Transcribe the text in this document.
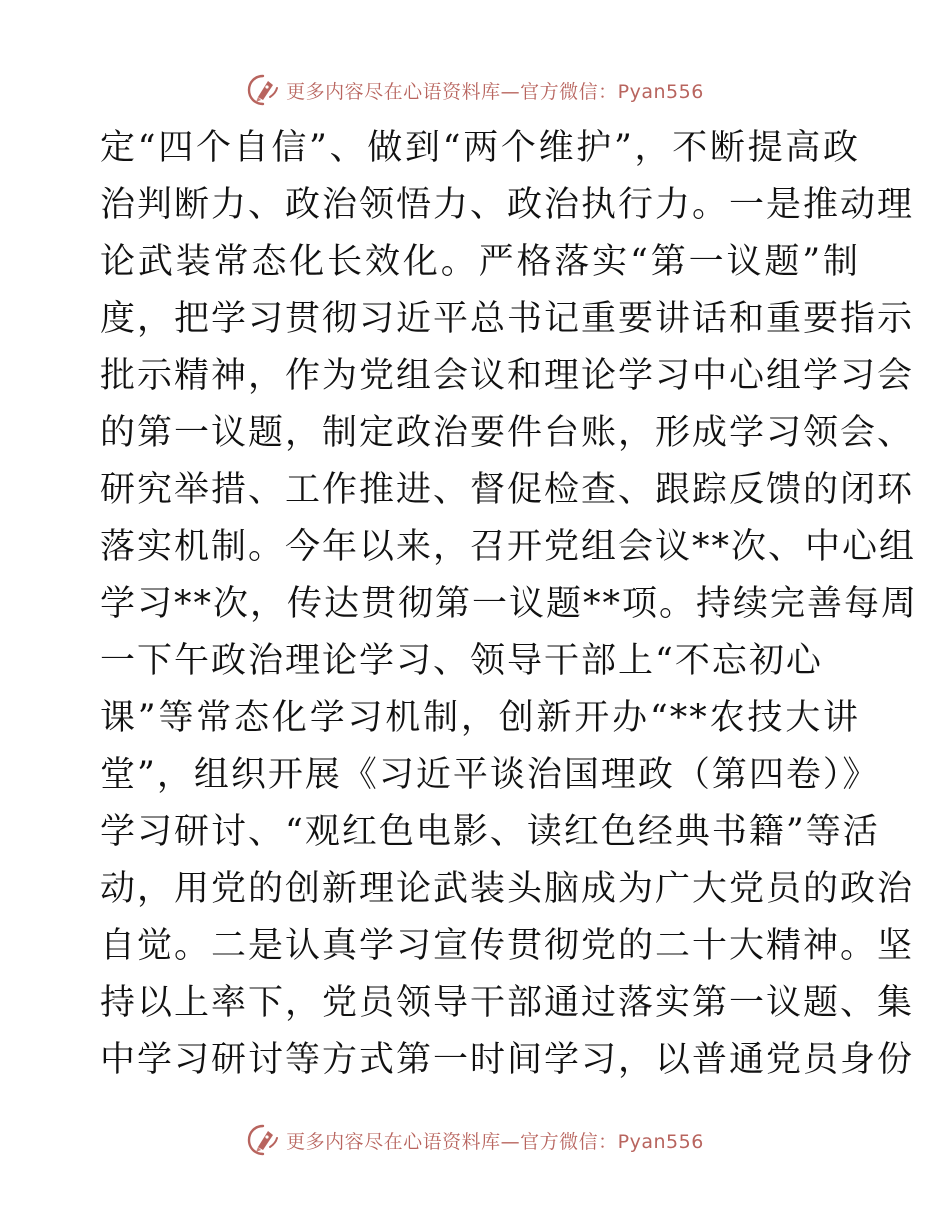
更多内容尽在心语资料库—官方微信：Pyan556
定“四个自信”、做到“两个维护”，不断提高政
治判断力、政治领悟力、政治执行力。一是推动理
论武装常态化长效化。严格落实“第一议题”制
度，把学习贯彻习近平总书记重要讲话和重要指示
批示精神，作为党组会议和理论学习中心组学习会
的第一议题，制定政治要件台账，形成学习领会、
研究举措、工作推进、督促检查、跟踪反馈的闭环
落实机制。今年以来，召开党组会议**次、中心组
学习**次，传达贯彻第一议题**项。持续完善每周
一下午政治理论学习、领导干部上“不忘初心
课”等常态化学习机制，创新开办“**农技大讲
堂”，组织开展《习近平谈治国理政（第四卷）》
学习研讨、“观红色电影、读红色经典书籍”等活
动，用党的创新理论武装头脑成为广大党员的政治
自觉。二是认真学习宣传贯彻党的二十大精神。坚
持以上率下，党员领导干部通过落实第一议题、集
中学习研讨等方式第一时间学习，以普通党员身份
更多内容尽在心语资料库—官方微信：Pyan556
